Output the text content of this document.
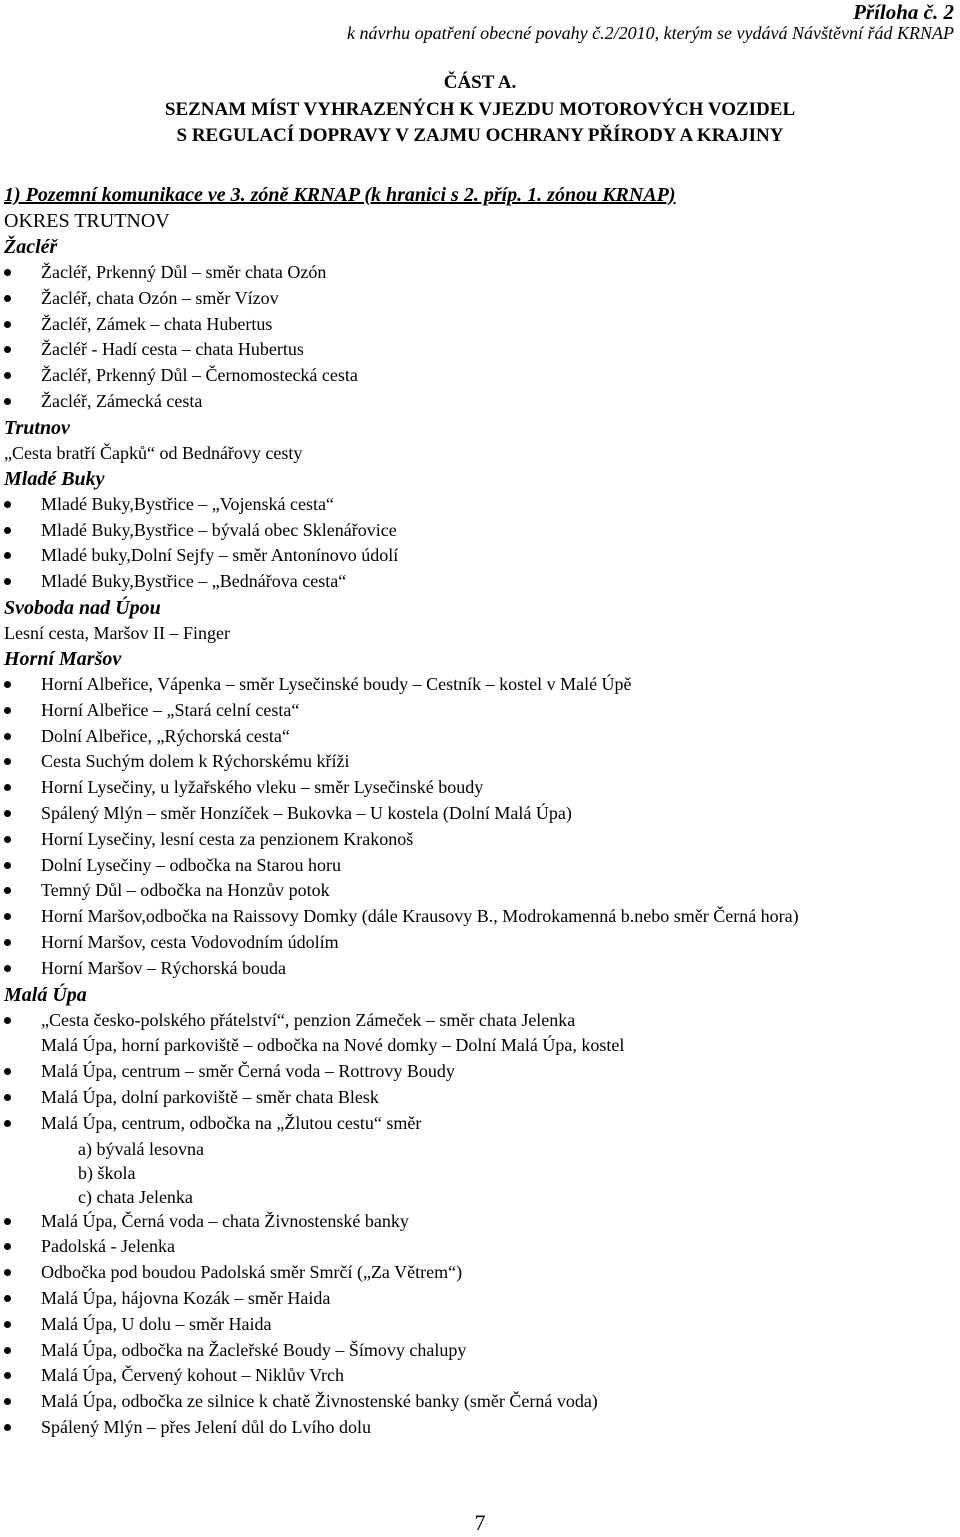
Příloha č. 2
k návrhu opatření obecné povahy č.2/2010, kterým se vydává Návštěvní řád KRNAP
ČÁST A.
SEZNAM MÍST VYHRAZENÝCH K VJEZDU MOTOROVÝCH VOZIDEL
S REGULACÍ DOPRAVY V ZAJMU OCHRANY PŘÍRODY A KRAJINY
1) Pozemní komunikace ve 3. zóně KRNAP (k hranici s 2. příp. 1. zónou KRNAP)
OKRES TRUTNOV
Žacléř
Žacléř, Prkenný Důl – směr chata Ozón
Žacléř, chata Ozón – směr Vízov
Žacléř, Zámek – chata Hubertus
Žacléř - Hadí cesta – chata Hubertus
Žacléř, Prkenný Důl – Černomostecká cesta
Žacléř, Zámecká cesta
Trutnov
„Cesta bratří Čapků“ od Bednářovy cesty
Mladé Buky
Mladé Buky,Bystřice – „Vojenská cesta“
Mladé Buky,Bystřice – bývalá obec Sklenářovice
Mladé buky,Dolní Sejfy – směr Antonínovo údolí
Mladé Buky,Bystřice – „Bednářova cesta“
Svoboda nad Úpou
Lesní cesta, Maršov II – Finger
Horní Maršov
Horní Albeřice, Vápenka – směr Lysečinské boudy – Cestník – kostel v Malé Úpě
Horní Albeřice – „Stará celní cesta“
Dolní Albeřice, „Rýchorská cesta“
Cesta Suchým dolem k Rýchorskému kříži
Horní Lysečiny, u lyžařského vleku – směr Lysečinské boudy
Spálený Mlýn – směr Honzíček – Bukovka – U kostela (Dolní Malá Úpa)
Horní Lysečiny, lesní cesta za penzionem Krakonoš
Dolní Lysečiny – odbočka na Starou horu
Temný Důl – odbočka na Honzův potok
Horní Maršov,odbočka na Raissovy Domky (dále Krausovy B., Modrokamenná b.nebo směr Černá hora)
Horní Maršov, cesta Vodovodním údolím
Horní Maršov – Rýchorská bouda
Malá Úpa
„Cesta česko-polského přátelství“, penzion Zámeček – směr chata Jelenka
Malá Úpa, horní parkoviště – odbočka na Nové domky – Dolní Malá Úpa, kostel
Malá Úpa, centrum – směr Černá voda – Rottrovy Boudy
Malá Úpa, dolní parkoviště – směr chata Blesk
Malá Úpa, centrum, odbočka na „Žlutou cestu“ směr
a) bývalá lesovna
b) škola
c) chata Jelenka
Malá Úpa, Černá voda – chata Živnostenské banky
Padolská - Jelenka
Odbočka pod boudou Padolská směr Smrčí („Za Větrem“)
Malá Úpa, hájovna Kozák – směr Haida
Malá Úpa, U dolu – směr Haida
Malá Úpa, odbočka na Žacleřské Boudy – Šímovy chalupy
Malá Úpa, Červený kohout – Niklův Vrch
Malá Úpa, odbočka ze silnice k chatě Živnostenské banky (směr Černá voda)
Spálený Mlýn – přes Jelení důl do Lvího dolu
7
